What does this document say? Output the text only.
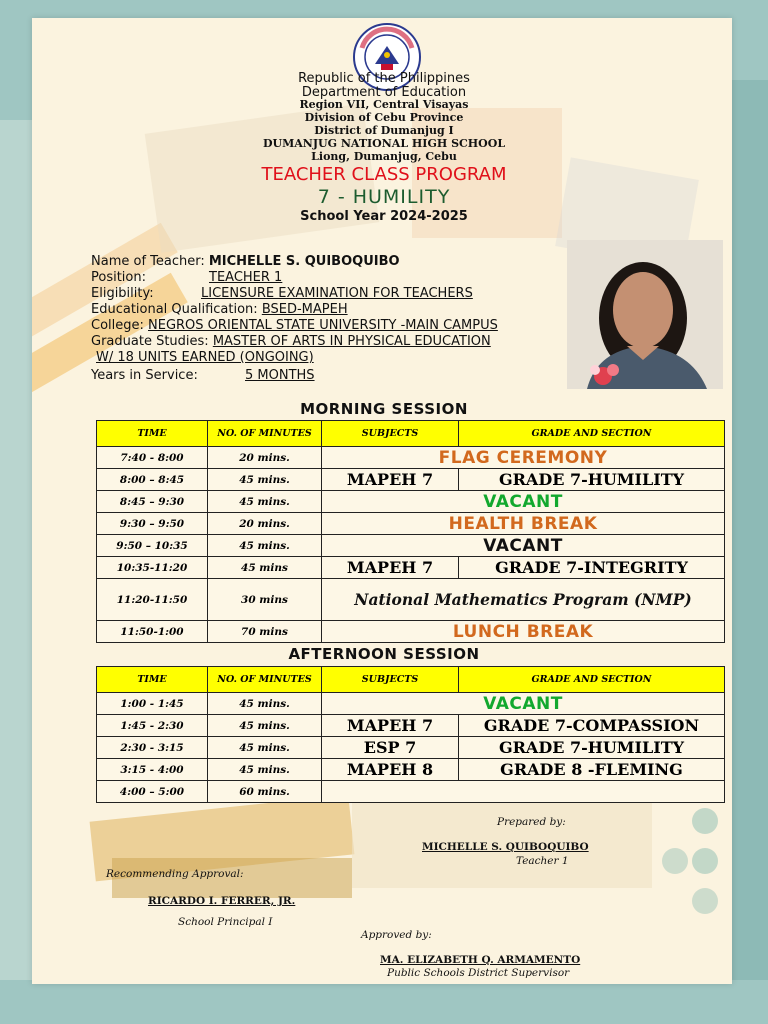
Republic of the Philippines
Department of Education
Region VII, Central Visayas
Division of Cebu Province
District of Dumanjug I
DUMANJUG NATIONAL HIGH SCHOOL
Liong, Dumanjug, Cebu
TEACHER CLASS PROGRAM
7 - HUMILITY
School Year 2024-2025
Name of Teacher: MICHELLE S. QUIBOQUIBO
Position:	TEACHER 1
Eligibility:	LICENSURE EXAMINATION FOR TEACHERS
Educational Qualification: BSED-MAPEH
College: NEGROS ORIENTAL STATE UNIVERSITY -MAIN CAMPUS
Graduate Studies: MASTER OF ARTS IN PHYSICAL EDUCATION
W/ 18 UNITS EARNED (ONGOING)
Years in Service:	5 MONTHS
MORNING SESSION
TIME	NO. OF MINUTES	SUBJECTS	GRADE AND SECTION
7:40 - 8:00	20 mins.	FLAG CEREMONY	
8:00 – 8:45	45 mins.	MAPEH 7	GRADE 7-HUMILITY
8:45 – 9:30	45 mins.	VACANT	
9:30 – 9:50	20 mins.	HEALTH BREAK	
9:50 – 10:35	45 mins.	VACANT	
10:35-11:20	45 mins	MAPEH 7	GRADE 7-INTEGRITY
11:20-11:50	30 mins	National Mathematics Program (NMP)	
11:50-1:00	70 mins	LUNCH BREAK	
AFTERNOON SESSION
TIME	NO. OF MINUTES	SUBJECTS	GRADE AND SECTION
1:00 - 1:45	45 mins.	VACANT	
1:45 - 2:30	45 mins.	MAPEH 7	GRADE 7-COMPASSION
2:30 - 3:15	45 mins.	ESP 7	GRADE 7-HUMILITY
3:15 - 4:00	45 mins.	MAPEH 8	GRADE 8 -FLEMING
4:00 – 5:00	60 mins.		
Prepared by:
MICHELLE S. QUIBOQUIBO
Teacher 1
Recommending Approval:
RICARDO I. FERRER, JR.
School Principal I
Approved by:
MA. ELIZABETH Q. ARMAMENTO
Public Schools District Supervisor
